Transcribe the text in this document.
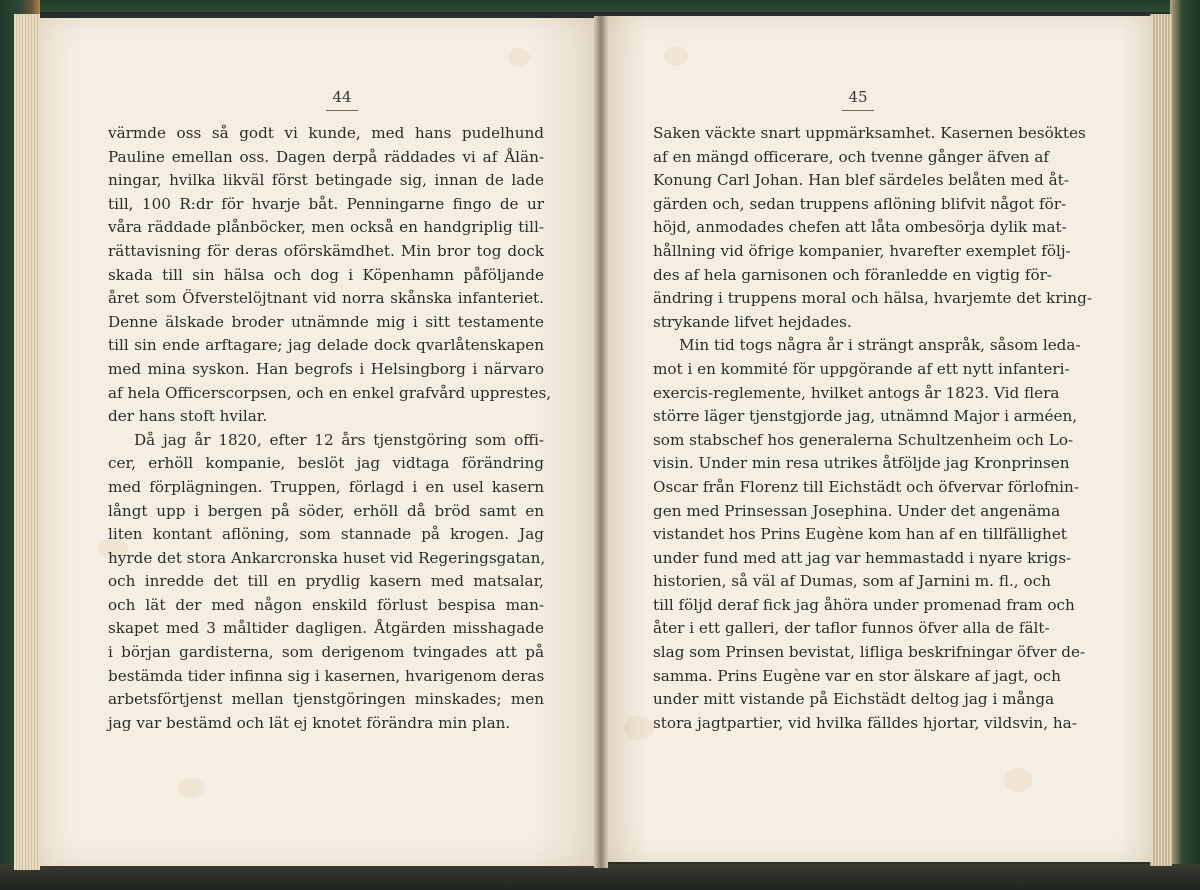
44	45
värmde oss så godt vi kunde, med hans pudelhund
Pauline emellan oss. Dagen derpå räddades vi af Ålän-
ningar, hvilka likväl först betingade sig, innan de lade
till, 100 R:dr för hvarje båt. Penningarne fingo de ur
våra räddade plånböcker, men också en handgriplig till-
rättavisning för deras oförskämdhet. Min bror tog dock
skada till sin hälsa och dog i Köpenhamn påföljande
året som Öfverstelöjtnant vid norra skånska infanteriet.
Denne älskade broder utnämnde mig i sitt testamente
till sin ende arftagare; jag delade dock qvarlåtenskapen
med mina syskon. Han begrofs i Helsingborg i närvaro
af hela Officerscorpsen, och en enkel grafvård upprestes,
der hans stoft hvilar.
Då jag år 1820, efter 12 års tjenstgöring som offi-
cer, erhöll kompanie, beslöt jag vidtaga förändring
med förplägningen. Truppen, förlagd i en usel kasern
långt upp i bergen på söder, erhöll då bröd samt en
liten kontant aflöning, som stannade på krogen. Jag
hyrde det stora Ankarcronska huset vid Regeringsgatan,
och inredde det till en prydlig kasern med matsalar,
och lät der med någon enskild förlust bespisa man-
skapet med 3 måltider dagligen. Åtgärden misshagade
i början gardisterna, som derigenom tvingades att på
bestämda tider infinna sig i kasernen, hvarigenom deras
arbetsförtjenst mellan tjenstgöringen minskades; men
jag var bestämd och lät ej knotet förändra min plan.
Saken väckte snart uppmärksamhet. Kasernen besöktes
af en mängd officerare, och tvenne gånger äfven af
Konung Carl Johan. Han blef särdeles belåten med åt-
gärden och, sedan truppens aflöning blifvit något för-
höjd, anmodades chefen att låta ombesörja dylik mat-
hållning vid öfrige kompanier, hvarefter exemplet följ-
des af hela garnisonen och föranledde en vigtig för-
ändring i truppens moral och hälsa, hvarjemte det kring-
strykande lifvet hejdades.
Min tid togs några år i strängt anspråk, såsom leda-
mot i en kommité för uppgörande af ett nytt infanteri-
exercis-reglemente, hvilket antogs år 1823. Vid flera
större läger tjenstgjorde jag, utnämnd Major i arméen,
som stabschef hos generalerna Schultzenheim och Lo-
visin. Under min resa utrikes åtföljde jag Kronprinsen
Oscar från Florenz till Eichstädt och öfvervar förlofnin-
gen med Prinsessan Josephina. Under det angenäma
vistandet hos Prins Eugène kom han af en tillfällighet
under fund med att jag var hemmastadd i nyare krigs-
historien, så väl af Dumas, som af Jarnini m. fl., och
till följd deraf fick jag åhöra under promenad fram och
åter i ett galleri, der taflor funnos öfver alla de fält-
slag som Prinsen bevistat, lifliga beskrifningar öfver de-
samma. Prins Eugène var en stor älskare af jagt, och
under mitt vistande på Eichstädt deltog jag i många
stora jagtpartier, vid hvilka fälldes hjortar, vildsvin, ha-
